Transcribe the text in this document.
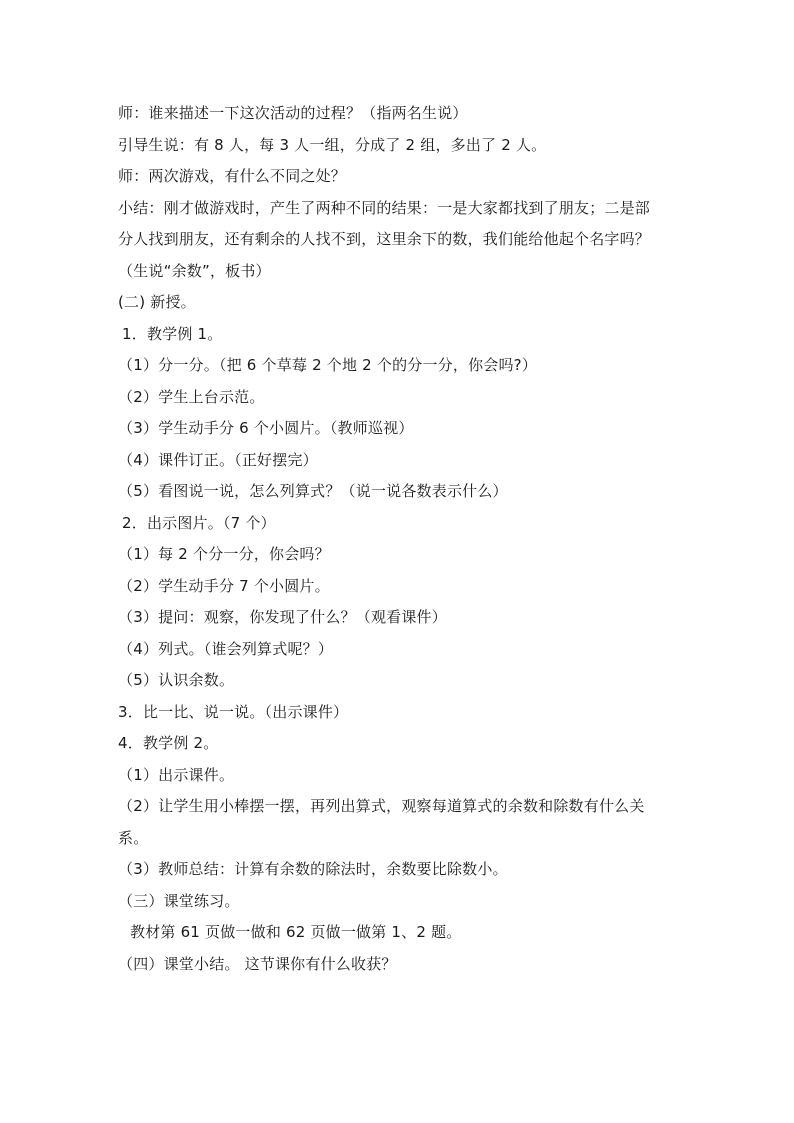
师：谁来描述一下这次活动的过程？（指两名生说）
引导生说：有 8 人，每 3 人一组，分成了 2 组，多出了 2 人。
师：两次游戏，有什么不同之处？
小结：刚才做游戏时，产生了两种不同的结果：一是大家都找到了朋友；二是部
分人找到朋友，还有剩余的人找不到，这里余下的数，我们能给他起个名字吗？
（生说“余数”，板书）
(二) 新授。
1．教学例 1。
（1）分一分。（把 6 个草莓 2 个地 2 个的分一分，你会吗?）
（2）学生上台示范。
（3）学生动手分 6 个小圆片。（教师巡视）
（4）课件订正。（正好摆完）
（5）看图说一说，怎么列算式？（说一说各数表示什么）
2．出示图片。（7 个）
（1）每 2 个分一分，你会吗？
（2）学生动手分 7 个小圆片。
（3）提问：观察，你发现了什么？（观看课件）
（4）列式。（谁会列算式呢？）
（5）认识余数。
3．比一比、说一说。（出示课件）
4．教学例 2。
（1）出示课件。
（2）让学生用小棒摆一摆，再列出算式，观察每道算式的余数和除数有什么关
系。
（3）教师总结：计算有余数的除法时，余数要比除数小。
（三）课堂练习。
教材第 61 页做一做和 62 页做一做第 1、2 题。
（四）课堂小结。 这节课你有什么收获？
